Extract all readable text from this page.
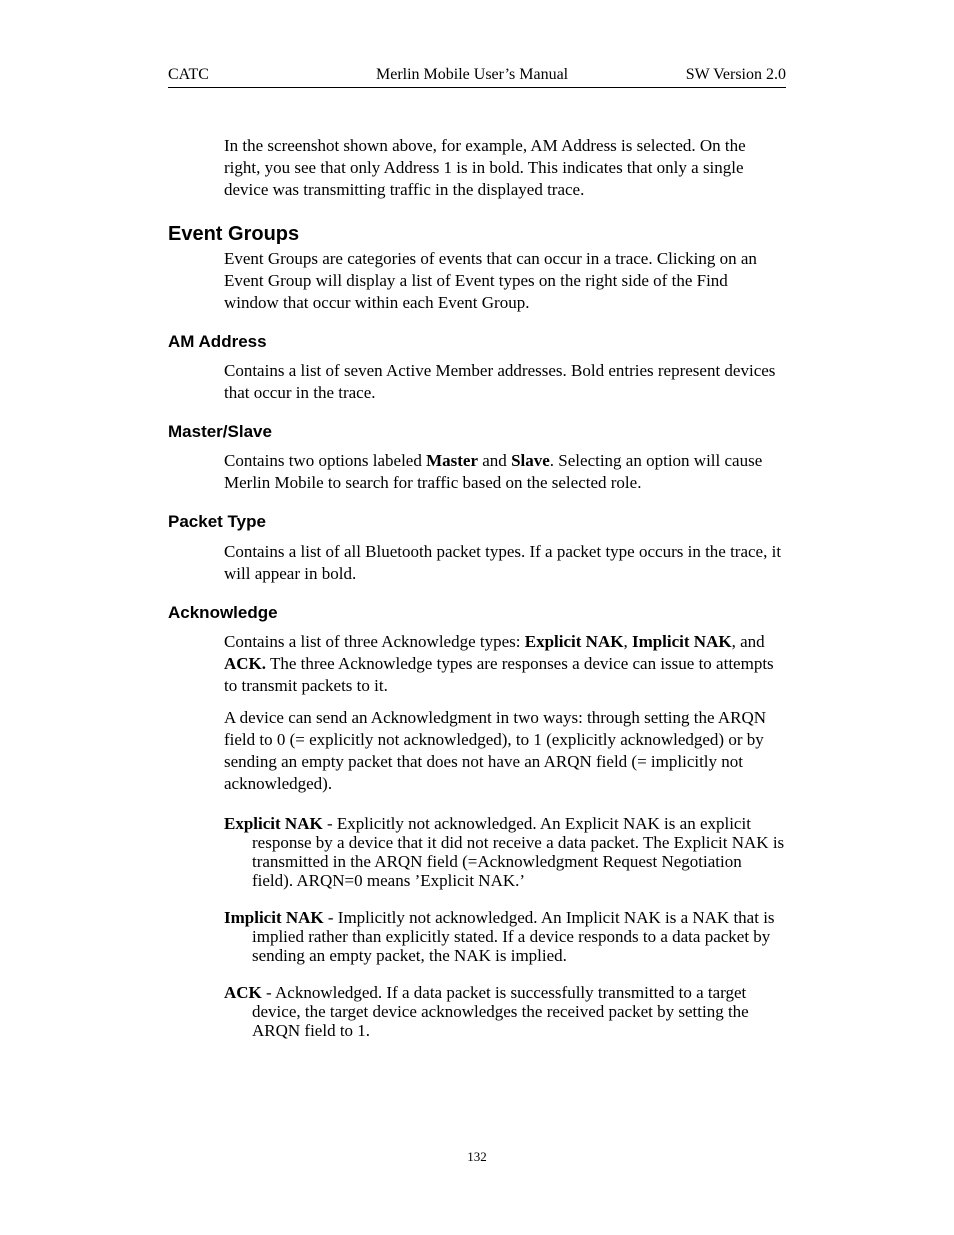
CATC	Merlin Mobile User’s Manual	SW Version 2.0
In the screenshot shown above, for example, AM Address is selected. On the right, you see that only Address 1 is in bold. This indicates that only a single device was transmitting traffic in the displayed trace.
Event Groups
Event Groups are categories of events that can occur in a trace. Clicking on an Event Group will display a list of Event types on the right side of the Find window that occur within each Event Group.
AM Address
Contains a list of seven Active Member addresses. Bold entries represent devices that occur in the trace.
Master/Slave
Contains two options labeled Master and Slave. Selecting an option will cause Merlin Mobile to search for traffic based on the selected role.
Packet Type
Contains a list of all Bluetooth packet types. If a packet type occurs in the trace, it will appear in bold.
Acknowledge
Contains a list of three Acknowledge types: Explicit NAK, Implicit NAK, and ACK. The three Acknowledge types are responses a device can issue to attempts to transmit packets to it.
A device can send an Acknowledgment in two ways: through setting the ARQN field to 0 (= explicitly not acknowledged), to 1 (explicitly acknowledged) or by sending an empty packet that does not have an ARQN field (= implicitly not acknowledged).
Explicit NAK - Explicitly not acknowledged. An Explicit NAK is an explicit response by a device that it did not receive a data packet. The Explicit NAK is transmitted in the ARQN field (=Acknowledgment Request Negotiation field). ARQN=0 means ’Explicit NAK.’
Implicit NAK - Implicitly not acknowledged. An Implicit NAK is a NAK that is implied rather than explicitly stated. If a device responds to a data packet by sending an empty packet, the NAK is implied.
ACK - Acknowledged. If a data packet is successfully transmitted to a target device, the target device acknowledges the received packet by setting the ARQN field to 1.
132
